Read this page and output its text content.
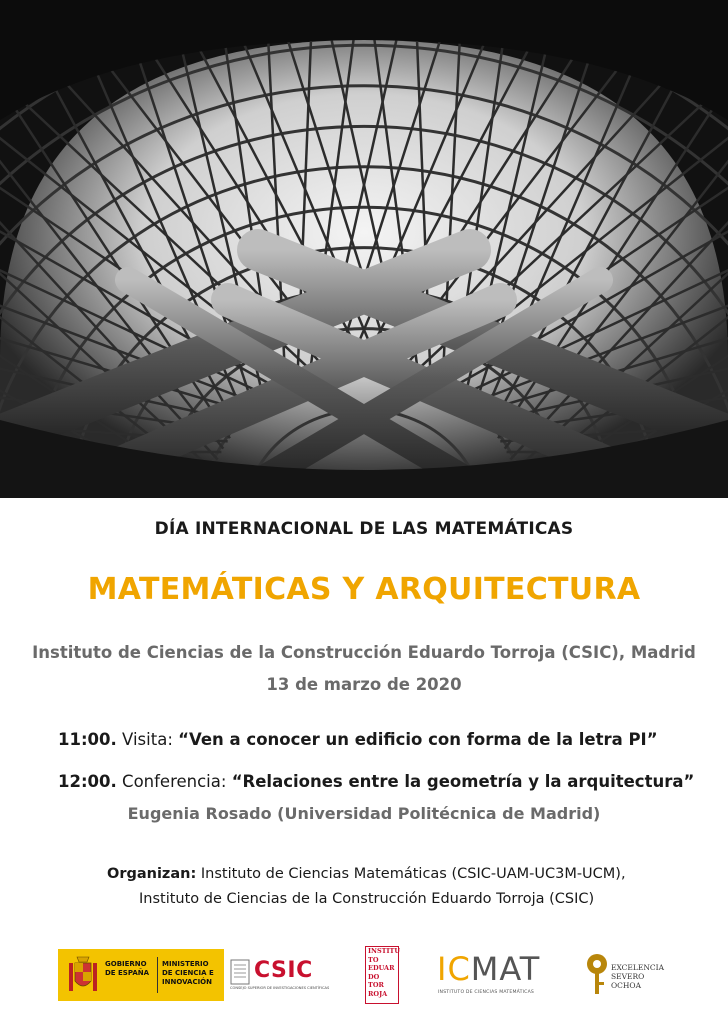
DÍA INTERNACIONAL DE LAS MATEMÁTICAS
MATEMÁTICAS Y ARQUITECTURA
Instituto de Ciencias de la Construcción Eduardo Torroja (CSIC), Madrid
13 de marzo de 2020
11:00. Visita: “Ven a conocer un edificio con forma de la letra PI”
12:00. Conferencia: “Relaciones entre la geometría y la arquitectura”
Eugenia Rosado (Universidad Politécnica de Madrid)
Organizan: Instituto de Ciencias Matemáticas (CSIC-UAM-UC3M-UCM),
Instituto de Ciencias de la Construcción Eduardo Torroja (CSIC)
GOBIERNO
DE ESPAÑA
MINISTERIO
DE CIENCIA E
INNOVACIÓN CSIC
CONSEJO SUPERIOR DE INVESTIGACIONES CIENTÍFICAS
INSTITU
TO
EDUAR
DO
TOR
ROJA
ICMAT
INSTITUTO DE CIENCIAS MATEMÁTICAS
EXCELENCIA
SEVERO
OCHOA
